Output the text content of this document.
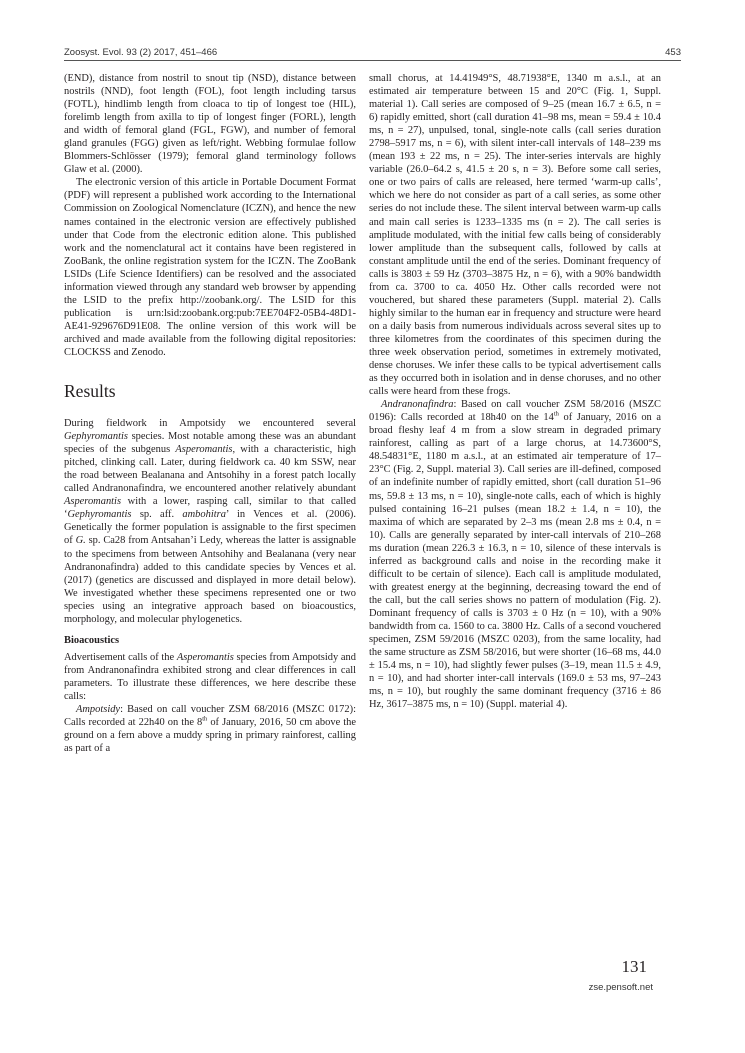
Zoosyst. Evol. 93 (2) 2017, 451–466	453

(END), distance from nostril to snout tip (NSD), distance between nostrils (NND), foot length (FOL), foot length including tarsus (FOTL), hindlimb length from cloaca to tip of longest toe (HIL), forelimb length from axilla to tip of longest finger (FORL), length and width of femoral gland (FGL, FGW), and number of femoral gland granules (FGG) given as left/right. Webbing formulae follow Blommers-Schlösser (1979); femoral gland terminology follows Glaw et al. (2000).

The electronic version of this article in Portable Document Format (PDF) will represent a published work according to the International Commission on Zoological Nomenclature (ICZN), and hence the new names contained in the electronic version are effectively published under that Code from the electronic edition alone. This published work and the nomenclatural act it contains have been registered in ZooBank, the online registration system for the ICZN. The ZooBank LSIDs (Life Science Identifiers) can be resolved and the associated information viewed through any standard web browser by appending the LSID to the prefix http://zoobank.org/. The LSID for this publication is urn:lsid:zoobank.org:pub:7EE704F2-05B4-48D1-AE41-929676D91E08. The online version of this work will be archived and made available from the following digital repositories: CLOCKSS and Zenodo.

Results

During fieldwork in Ampotsidy we encountered several Gephyromantis species. Most notable among these was an abundant species of the subgenus Asperomantis, with a characteristic, high pitched, clinking call. Later, during fieldwork ca. 40 km SSW, near the road between Bealanana and Antsohihy in a forest patch locally called Andranonafindra, we encountered another relatively abundant Asperomantis with a lower, rasping call, similar to that called ‘Gephyromantis sp. aff. ambohitra’ in Vences et al. (2006). Genetically the former population is assignable to the first specimen of G. sp. Ca28 from Antsahan’i Ledy, whereas the latter is assignable to the specimens from between Antsohihy and Bealanana (very near Andranonafindra) added to this candidate species by Vences et al. (2017) (genetics are discussed and displayed in more detail below). We investigated whether these specimens represented one or two species using an integrative approach based on bioacoustics, morphology, and molecular phylogenetics.

Bioacoustics

Advertisement calls of the Asperomantis species from Ampotsidy and from Andranonafindra exhibited strong and clear differences in call parameters. To illustrate these differences, we here describe these calls:

Ampotsidy: Based on call voucher ZSM 68/2016 (MSZC 0172): Calls recorded at 22h40 on the 8th of January, 2016, 50 cm above the ground on a fern above a muddy spring in primary rainforest, calling as part of a

small chorus, at 14.41949°S, 48.71938°E, 1340 m a.s.l., at an estimated air temperature between 15 and 20°C (Fig. 1, Suppl. material 1). Call series are composed of 9–25 (mean 16.7 ± 6.5, n = 6) rapidly emitted, short (call duration 41–98 ms, mean = 59.4 ± 10.4 ms, n = 27), unpulsed, tonal, single-note calls (call series duration 2798–5917 ms, n = 6), with silent inter-call intervals of 148–239 ms (mean 193 ± 22 ms, n = 25). The inter-series intervals are highly variable (26.0–64.2 s, 41.5 ± 20 s, n = 3). Before some call series, one or two pairs of calls are released, here termed ‘warm-up calls’, which we here do not consider as part of a call series, as some other series do not include these. The silent interval between warm-up calls and main call series is 1233–1335 ms (n = 2). The call series is amplitude modulated, with the initial few calls being of considerably lower amplitude than the subsequent calls, followed by calls at constant amplitude until the end of the series. Dominant frequency of calls is 3803 ± 59 Hz (3703–3875 Hz, n = 6), with a 90% bandwidth from ca. 3700 to ca. 4050 Hz. Other calls recorded were not vouchered, but shared these parameters (Suppl. material 2). Calls highly similar to the human ear in frequency and structure were heard on a daily basis from numerous individuals across several sites up to three kilometres from the coordinates of this specimen during the three week observation period, sometimes in extremely motivated, dense choruses. We infer these calls to be typical advertisement calls as they occurred both in isolation and in dense choruses, and no other calls were heard from these frogs.

Andranonafindra: Based on call voucher ZSM 58/2016 (MSZC 0196): Calls recorded at 18h40 on the 14th of January, 2016 on a broad fleshy leaf 4 m from a slow stream in degraded primary rainforest, calling as part of a large chorus, at 14.73600°S, 48.54831°E, 1180 m a.s.l., at an estimated air temperature of 17–23°C (Fig. 2, Suppl. material 3). Call series are ill-defined, composed of an indefinite number of rapidly emitted, short (call duration 51–96 ms, 59.8 ± 13 ms, n = 10), single-note calls, each of which is highly pulsed containing 16–21 pulses (mean 18.2 ± 1.4, n = 10), the maxima of which are separated by 2–3 ms (mean 2.8 ms ± 0.4, n = 10). Calls are generally separated by inter-call intervals of 210–268 ms duration (mean 226.3 ± 16.3, n = 10, silence of these intervals is inferred as background calls and noise in the recording make it difficult to be certain of silence). Each call is amplitude modulated, with greatest energy at the beginning, decreasing toward the end of the call, but the call series shows no pattern of modulation (Fig. 2). Dominant frequency of calls is 3703 ± 0 Hz (n = 10), with a 90% bandwidth from ca. 1560 to ca. 3800 Hz. Calls of a second vouchered specimen, ZSM 59/2016 (MSZC 0203), from the same locality, had the same structure as ZSM 58/2016, but were shorter (16–68 ms, 44.0 ± 15.4 ms, n = 10), had slightly fewer pulses (3–19, mean 11.5 ± 4.9, n = 10), and had shorter inter-call intervals (169.0 ± 53 ms, 97–243 ms, n = 10), but roughly the same dominant frequency (3716 ± 86 Hz, 3617–3875 ms, n = 10) (Suppl. material 4).

131
zse.pensoft.net
